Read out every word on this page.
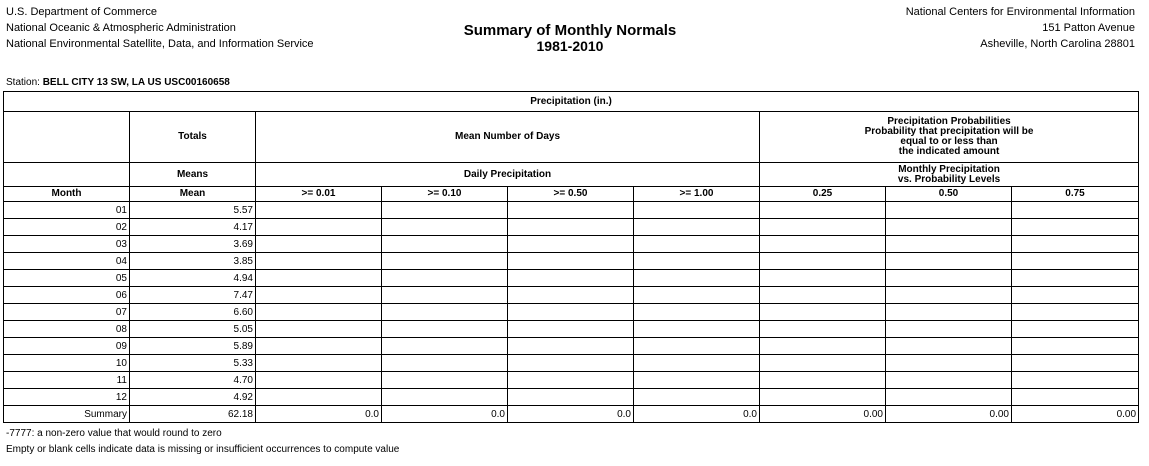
U.S. Department of Commerce
National Oceanic & Atmospheric Administration
National Environmental Satellite, Data, and Information Service
Summary of Monthly Normals
1981-2010
National Centers for Environmental Information
151 Patton Avenue
Asheville, North Carolina 28801
Station: BELL CITY 13 SW, LA US USC00160658
Precipitation (in.)								
	Totals	Mean Number of Days				Precipitation Probabilities
Probability that precipitation will be
equal to or less than
the indicated amount		

	Means	Daily Precipitation				Monthly Precipitation
vs. Probability Levels		

Month	Mean	>= 0.01	>= 0.10	>= 0.50	>= 1.00	0.25	0.50	0.75
01	5.57							
02	4.17							
03	3.69							
04	3.85							
05	4.94							
06	7.47							
07	6.60							
08	5.05							
09	5.89							
10	5.33							
11	4.70							
12	4.92							
Summary	62.18	0.0	0.0	0.0	0.0	0.00	0.00	0.00
-7777: a non-zero value that would round to zero
Empty or blank cells indicate data is missing or insufficient occurrences to compute value
